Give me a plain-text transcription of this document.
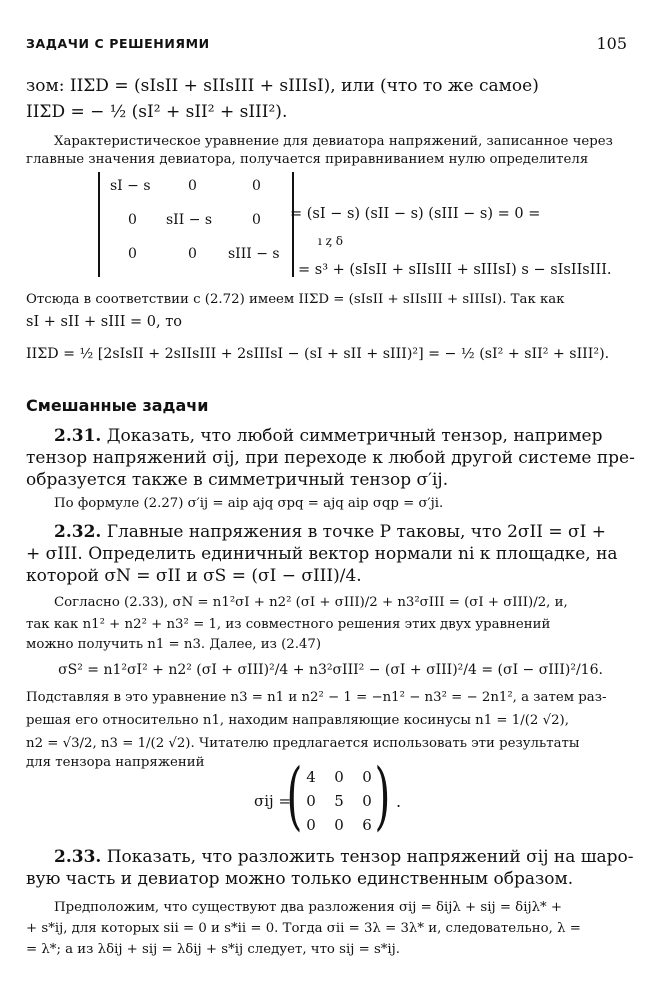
ЗАДАЧИ С РЕШЕНИЯМИ	105
зом: IIΣD = (sIsII + sIIsIII + sIIIsI), или (что то же самое)
IIΣD = − ½ (sI² + sII² + sIII²).
Характеристическое уравнение для девиатора напряжений, записанное через
главные значения девиатора, получается приравниванием нулю определителя
sI − s	0	0
0 sII − s	0
0	0 sIII − s
= (sI − s) (sII − s) (sIII − s) = 0 =
ı ȥ ẟ
= s³ + (sIsII + sIIsIII + sIIIsI) s − sIsIIsIII.
Отсюда в соответствии с (2.72) имеем IIΣD = (sIsII + sIIsIII + sIIIsI). Так как
sI + sII + sIII = 0, то
IIΣD = ½ [2sIsII + 2sIIsIII + 2sIIIsI − (sI + sII + sIII)²] = − ½ (sI² + sII² + sIII²).
Смешанные задачи
2.31. Доказать, что любой симметричный тензор, например
тензор напряжений σij, при переходе к любой другой системе пре-
образуется также в симметричный тензор σ′ij.
По формуле (2.27) σ′ij = aip ajq σpq = ajq aip σqp = σ′ji.
2.32. Главные напряжения в точке P таковы, что 2σII = σI +
+ σIII. Определить единичный вектор нормали ni к площадке, на
которой σN = σII и σS = (σI − σIII)/4.
Согласно (2.33), σN = n1²σI + n2² (σI + σIII)/2 + n3²σIII = (σI + σIII)/2, и,
так как n1² + n2² + n3² = 1, из совместного решения этих двух уравнений
можно получить n1 = n3. Далее, из (2.47)
σS² = n1²σI² + n2² (σI + σIII)²/4 + n3²σIII² − (σI + σIII)²/4 = (σI − σIII)²/16.
Подставляя в это уравнение n3 = n1 и n2² − 1 = −n1² − n3² = − 2n1², а затем раз-
решая его относительно n1, находим направляющие косинусы n1 = 1/(2 √2),
n2 = √3/2, n3 = 1/(2 √2). Читателю предлагается использовать эти результаты
для тензора напряжений
σij =
( 4 0 0
0 5 0
0 0 6 ) .
2.33. Показать, что разложить тензор напряжений σij на шаро-
вую часть и девиатор можно только единственным образом.
Предположим, что существуют два разложения σij = δijλ + sij = δijλ* +
+ s*ij, для которых sii = 0 и s*ii = 0. Тогда σii = 3λ = 3λ* и, следовательно, λ =
= λ*; а из λδij + sij = λδij + s*ij следует, что sij = s*ij.
